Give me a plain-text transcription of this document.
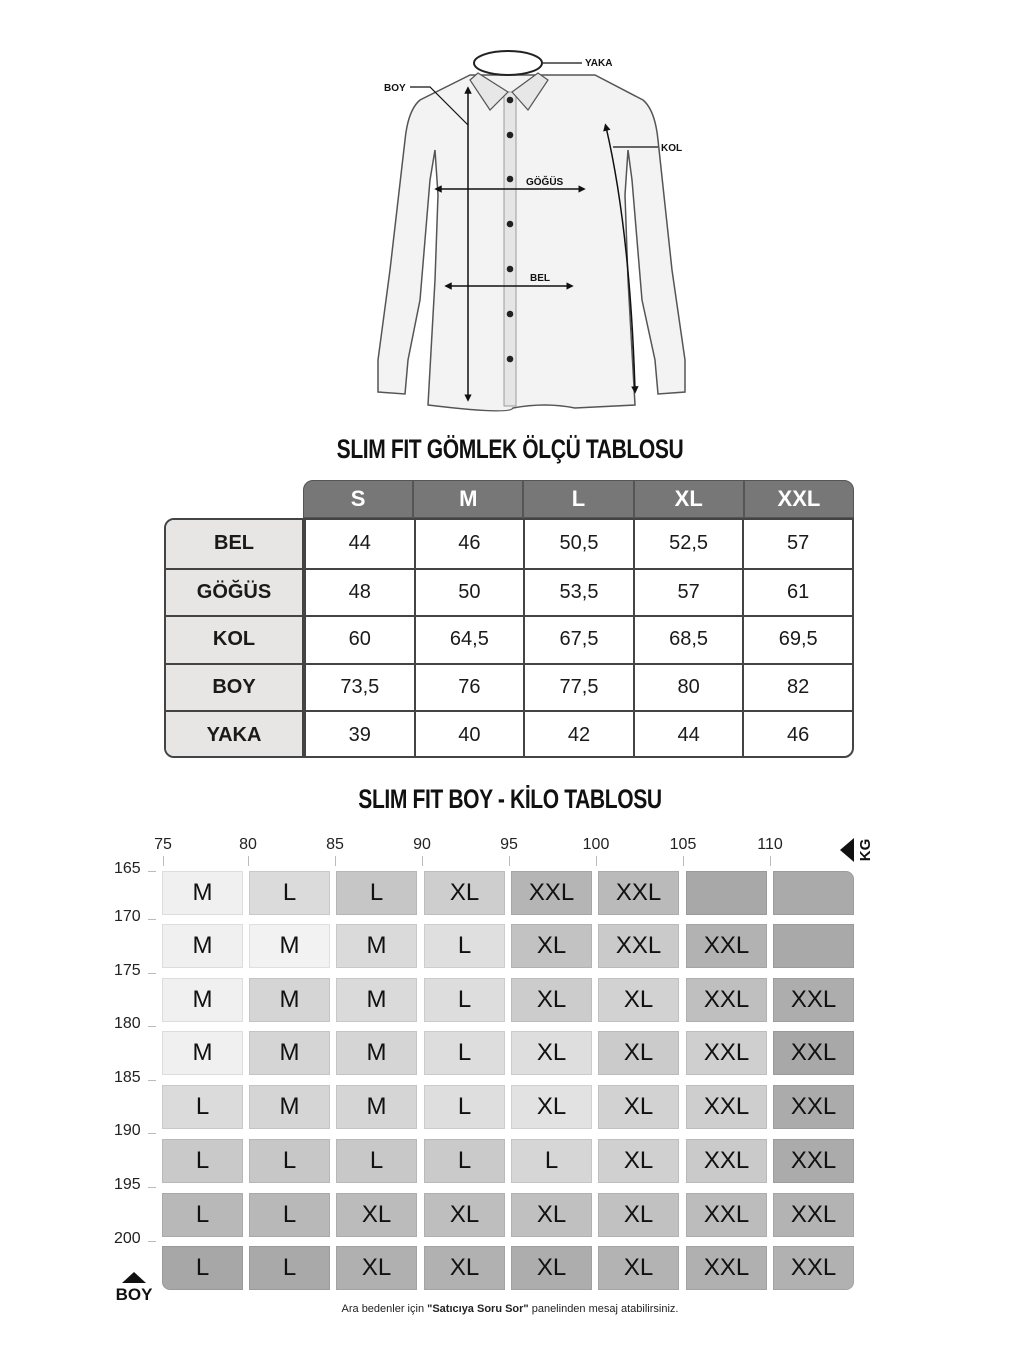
YAKA
BOY
KOL
GÖĞÜS
BEL
SLIM FIT GÖMLEK ÖLÇÜ TABLOSU
S	M	L	XL	XXL
BEL	44	46	50,5	52,5	57
GÖĞÜS	48	50	53,5	57	61
KOL	60	64,5	67,5	68,5	69,5
BOY	73,5	76	77,5	80	82
YAKA	39	40	42	44	46
SLIM FIT BOY - KİLO TABLOSU
75	80	85	90	95	100	105	110
165
170
175
180
185
190
195
200
M	L	L	XL	XXL	XXL
M	M	M	L	XL	XXL	XXL
M	M	M	L	XL	XL	XXL	XXL
M	M	M	L	XL	XL	XXL	XXL
L	M	M	L	XL	XL	XXL	XXL
L	L	L	L	L	XL	XXL	XXL
L	L	XL	XL	XL	XL	XXL	XXL
L	L	XL	XL	XL	XL	XXL	XXL
KG
BOY
Ara bedenler için "Satıcıya Soru Sor" panelinden mesaj atabilirsiniz.
